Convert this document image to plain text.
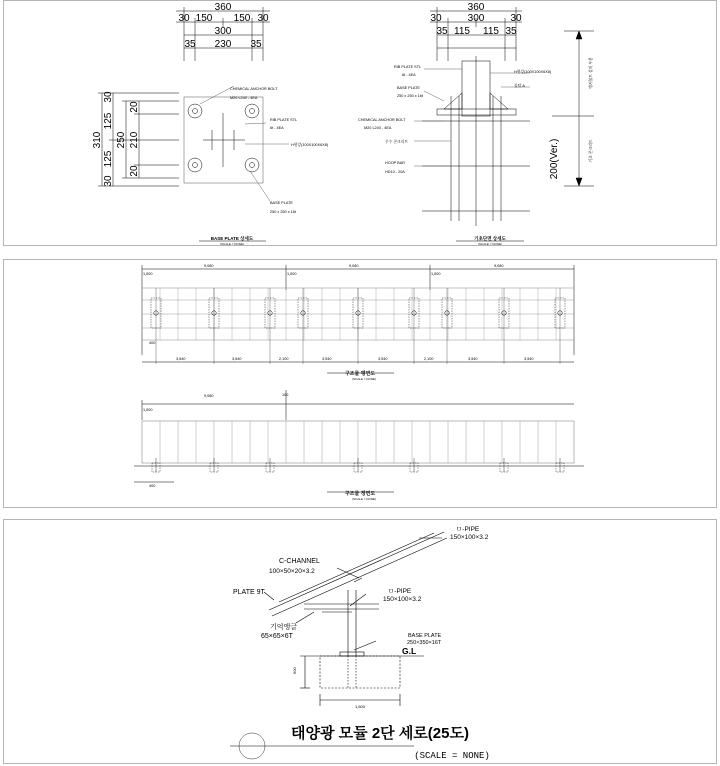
360
30 150 150 30
300
35 230 35
310
30
125
125
30
250
20
210
20
CHEMICAL ANCHOR BOLT
M20 L240 - 4EA
RIB PLATE STL
6t - 4EA
H형강(100X100X6X8)
BASE PLATE
250 x 250 x 16t
BASE PLATE 상세도
(SCALE = NONE)
360
30	300	30
35 115 115 35
RIB PLATE STL
6t - 4EA
BASE PLATE
250 x 250 x 16t
CHEMICAL ANCHOR BOLT
M20 L240 - 4EA
무수 콘크리트
HOOP BAR
HD10 - 20A
H형강(100X100X6X8)
몰탈 A	앵커볼트 설치 부분
기초 콘크리트
200(Ver.)
기초단면 상세도
(SCALE = NONE)
9,080	9,080	9,080
1,000	1,000	1,000
3,540	3,540	2,100	3,540	3,540	2,100	3,540	3,540
400
구조물 평면도
(SCALE = NONE)
9,080
1,000
100
400
구조물 정면도
(SCALE = NONE)
ㅁ-PIPE
150×100×3.2
C-CHANNEL
100×50×20×3.2
PLATE 9T	ㅁ-PIPE
150×100×3.2
기억앵글
65×65×6T	BASE PLATE
250×350×16T
G.L
600
1,600
태양광 모듈 2단 세로(25도)
(SCALE = NONE)
